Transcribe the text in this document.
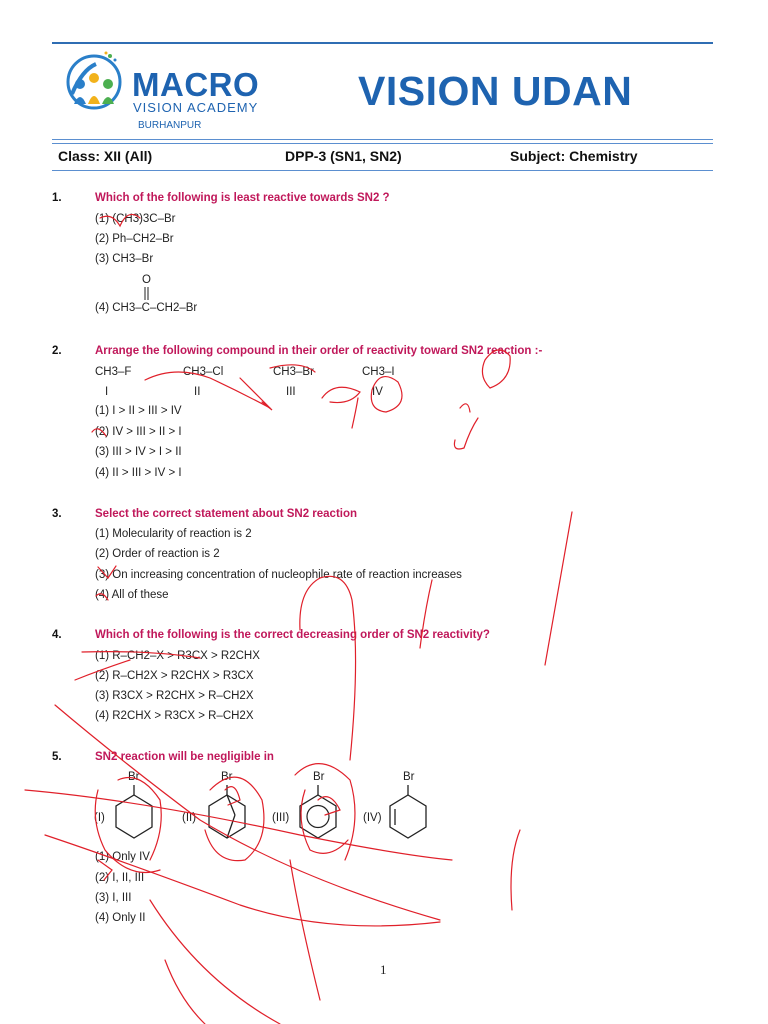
MACRO
VISION ACADEMY
BURHANPUR
VISION UDAN
Class: XII (All)	DPP-3 (SN1, SN2)	Subject: Chemistry
1.	Which of the following is least reactive towards SN2 ?
(1) (CH3)3C–Br
(2) Ph–CH2–Br
(3) CH3–Br
O
(4) CH3–C–CH2–Br
2.	Arrange the following compound in their order of reactivity toward SN2 reaction :-
CH3–F	CH3–Cl	CH3–Br	CH3–I
I	II	III	IV
(1) I > II > III > IV
(2) IV > III > II > I
(3) III > IV > I > II
(4) II > III > IV > I
3.	Select the correct statement about SN2 reaction
(1) Molecularity of reaction is 2
(2) Order of reaction is 2
(3) On increasing concentration of nucleophile rate of reaction increases
(4) All of these
4.	Which of the following is the correct decreasing order of SN2 reactivity?
(1) R–CH2–X > R3CX > R2CHX
(2) R–CH2X > R2CHX > R3CX
(3) R3CX > R2CHX > R–CH2X
(4) R2CHX > R3CX > R–CH2X
5.	SN2 reaction will be negligible in
(I)
Br
(II)
Br
(III)
Br
(IV)
Br
(1) Only IV
(2) I, II, III
(3) I, III
(4) Only II
1
